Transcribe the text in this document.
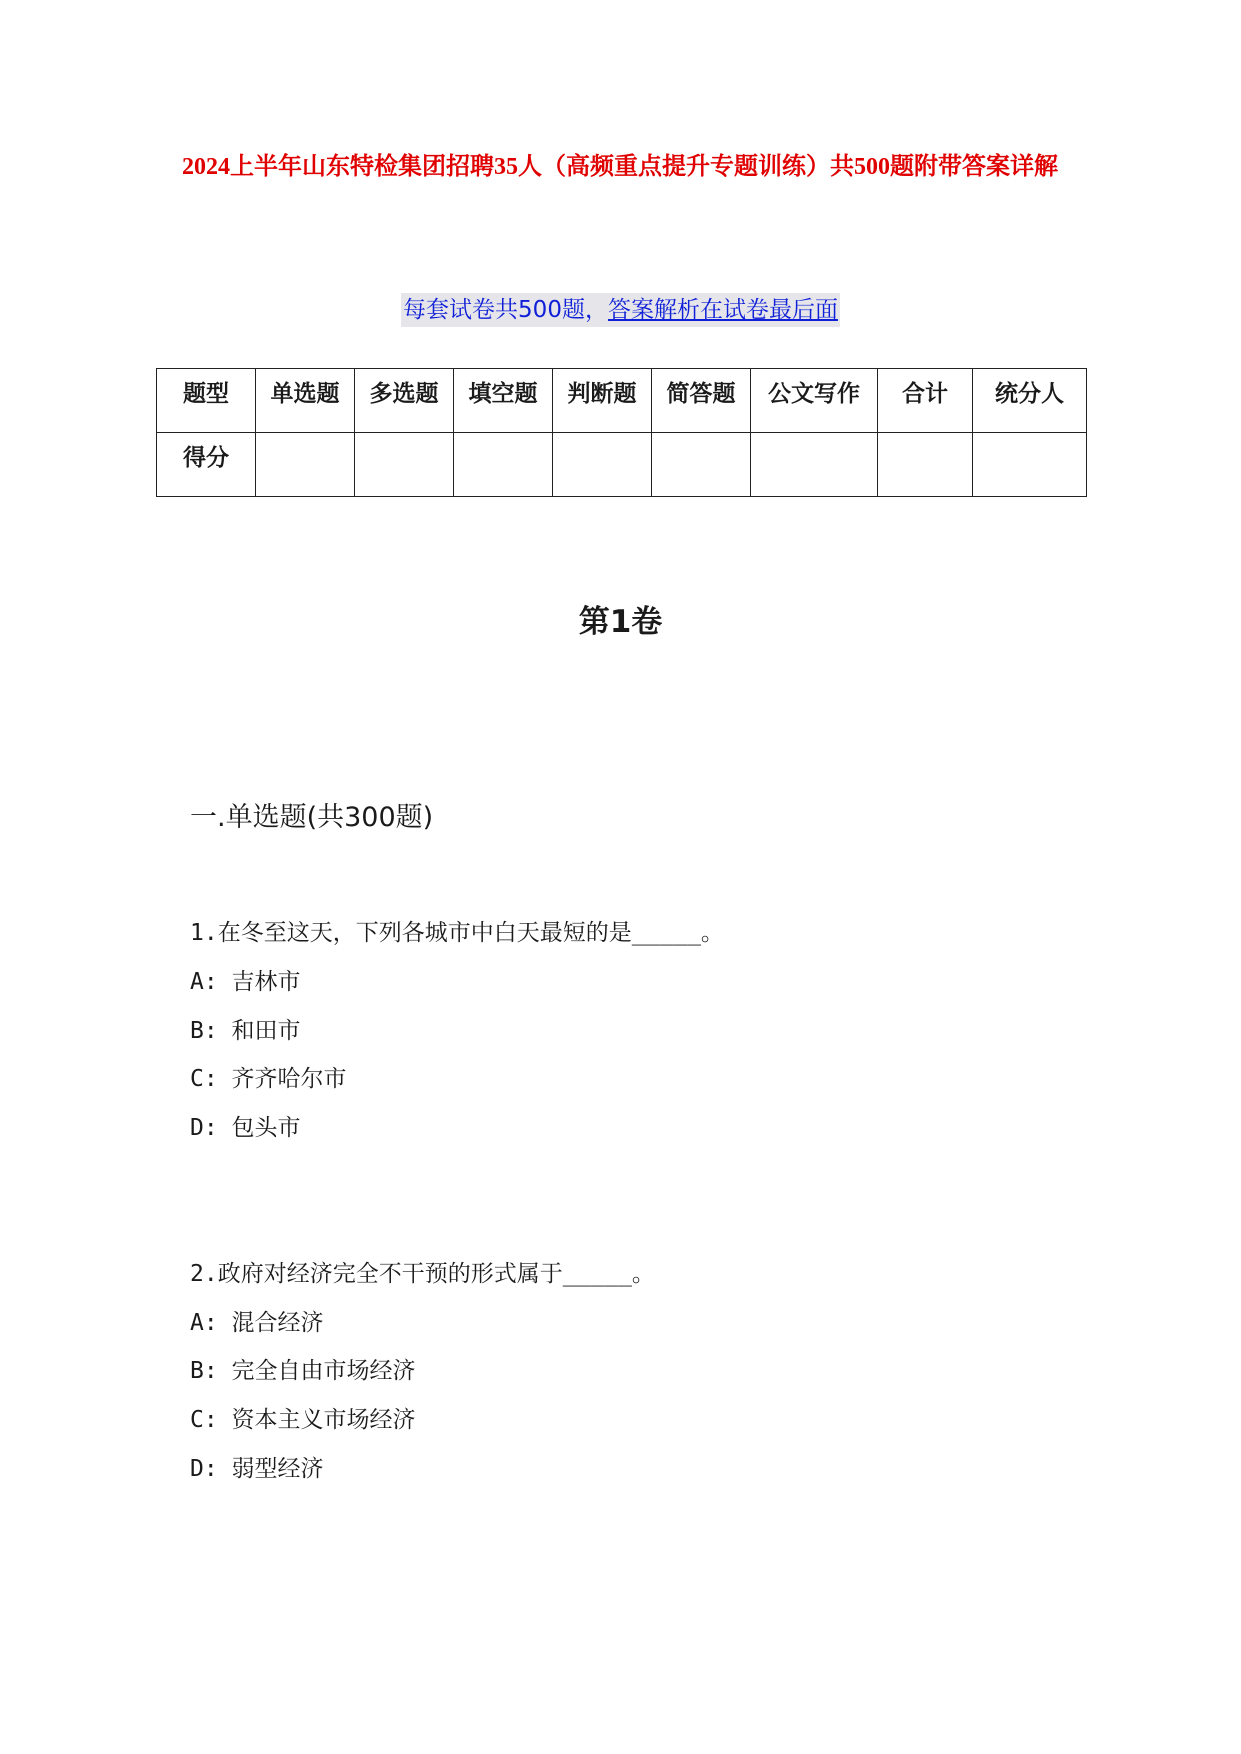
2024上半年山东特检集团招聘35人（高频重点提升专题训练）共500题附带答案详解
每套试卷共500题，答案解析在试卷最后面
题型	单选题	多选题	填空题	判断题	简答题	公文写作	合计	统分人
得分								
第1卷
一.单选题(共300题)
1.在冬至这天，下列各城市中白天最短的是_____。
A: 吉林市
B: 和田市
C: 齐齐哈尔市
D: 包头市
2.政府对经济完全不干预的形式属于_____。
A: 混合经济
B: 完全自由市场经济
C: 资本主义市场经济
D: 弱型经济
